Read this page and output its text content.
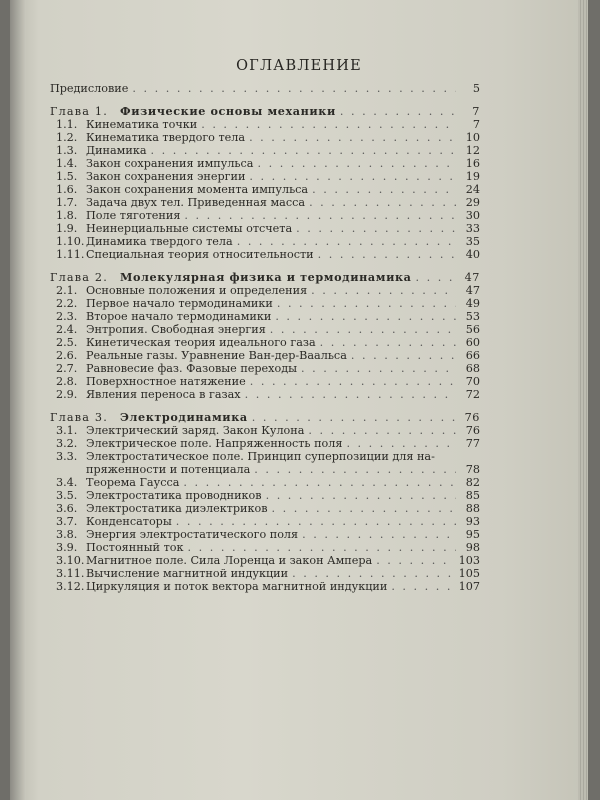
ОГЛАВЛЕНИЕ
Предисловие . . .	5
Глава 1.	Физические основы механики . . .	7
1.1. Кинематика точки . . .	7
1.2. Кинематика твердого тела . . .	10
1.3. Динамика . . .	12
1.4. Закон сохранения импульса . . .	16
1.5. Закон сохранения энергии . . .	19
1.6. Закон сохранения момента импульса . . .	24
1.7. Задача двух тел. Приведенная масса . . .	29
1.8. Поле тяготения . . .	30
1.9. Неинерциальные системы отсчета . . .	33
1.10. Динамика твердого тела . . .	35
1.11. Специальная теория относительности . . .	40
Глава 2.	Молекулярная физика и термодинамика . . .	47
2.1. Основные положения и определения . . .	47
2.2. Первое начало термодинамики . . .	49
2.3. Второе начало термодинамики . . .	53
2.4. Энтропия. Свободная энергия . . .	56
2.5. Кинетическая теория идеального газа . . .	60
2.6. Реальные газы. Уравнение Ван-дер-Ваальса . . .	66
2.7. Равновесие фаз. Фазовые переходы . . .	68
2.8. Поверхностное натяжение . . .	70
2.9. Явления переноса в газах . . .	72
Глава 3.	Электродинамика . . .	76
3.1. Электрический заряд. Закон Кулона . . .	76
3.2. Электрическое поле. Напряженность поля . . .	77
3.3. Электростатическое поле. Принцип суперпозиции для на-
пряженности и потенциала . . .	78
3.4. Теорема Гаусса . . .	82
3.5. Электростатика проводников . . .	85
3.6. Электростатика диэлектриков . . .	88
3.7. Конденсаторы . . .	93
3.8. Энергия электростатического поля . . .	95
3.9. Постоянный ток . . .	98
3.10. Магнитное поле. Сила Лоренца и закон Ампера . . .	103
3.11. Вычисление магнитной индукции . . .	105
3.12. Циркуляция и поток вектора магнитной индукции . . .	107
